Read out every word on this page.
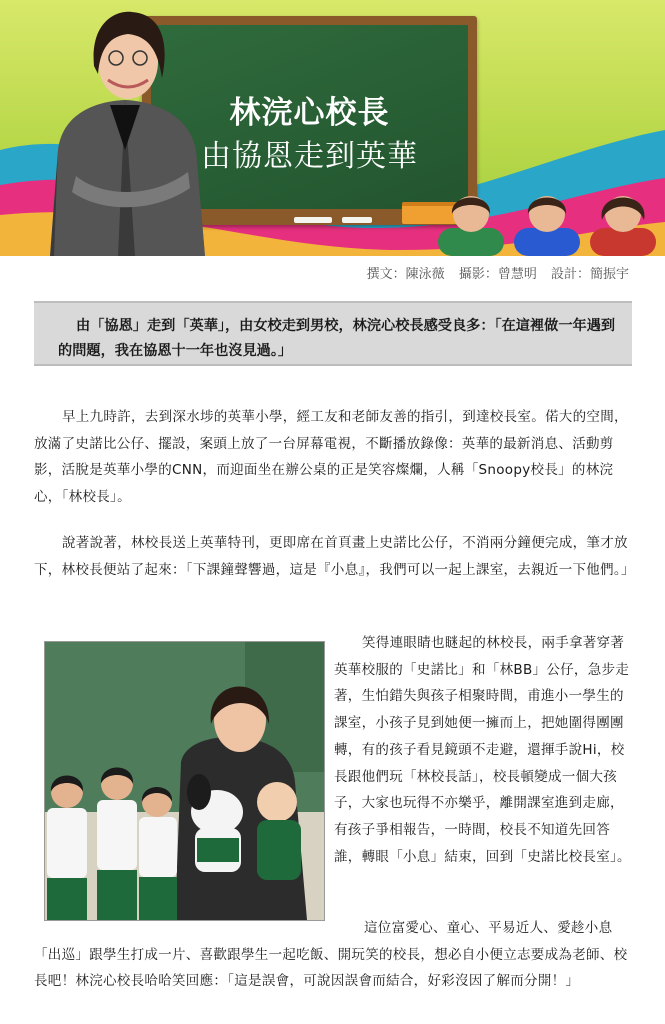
林浣心校長
由協恩走到英華
撰文：陳泳薇 攝影：曾慧明 設計：簡振宇

由「協恩」走到「英華」，由女校走到男校，林浣心校長感受良多：「在這裡做一年遇到的問題，我在協恩十一年也沒見過。」

早上九時許，去到深水埗的英華小學，經工友和老師友善的指引，到達校長室。偌大的空間，放滿了史諾比公仔、擺設，案頭上放了一台屏幕電視，不斷播放錄像：英華的最新消息、活動剪影，活脫是英華小學的CNN，而迎面坐在辦公桌的正是笑容燦爛，人稱「Snoopy校長」的林浣心，「林校長」。

說著說著，林校長送上英華特刊，更即席在首頁畫上史諾比公仔，不消兩分鐘便完成，筆才放下，林校長便站了起來：「下課鐘聲響過，這是『小息』，我們可以一起上課室，去親近一下他們。」

笑得連眼睛也瞇起的林校長，兩手拿著穿著英華校服的「史諾比」和「林BB」公仔，急步走著，生怕錯失與孩子相聚時間，甫進小一學生的課室，小孩子見到她便一擁而上，把她圍得團團轉，有的孩子看見鏡頭不走避，還揮手說Hi，校長跟他們玩「林校長話」，校長頓變成一個大孩子，大家也玩得不亦樂乎，離開課室進到走廊，有孩子爭相報告，一時間，校長不知道先回答誰，轉眼「小息」結束，回到「史諾比校長室」。

這位富愛心、童心、平易近人、愛趁小息「出巡」跟學生打成一片、喜歡跟學生一起吃飯、開玩笑的校長，想必自小便立志要成為老師、校長吧！林浣心校長哈哈笑回應：「這是誤會，可說因誤會而結合，好彩沒因了解而分開！」
